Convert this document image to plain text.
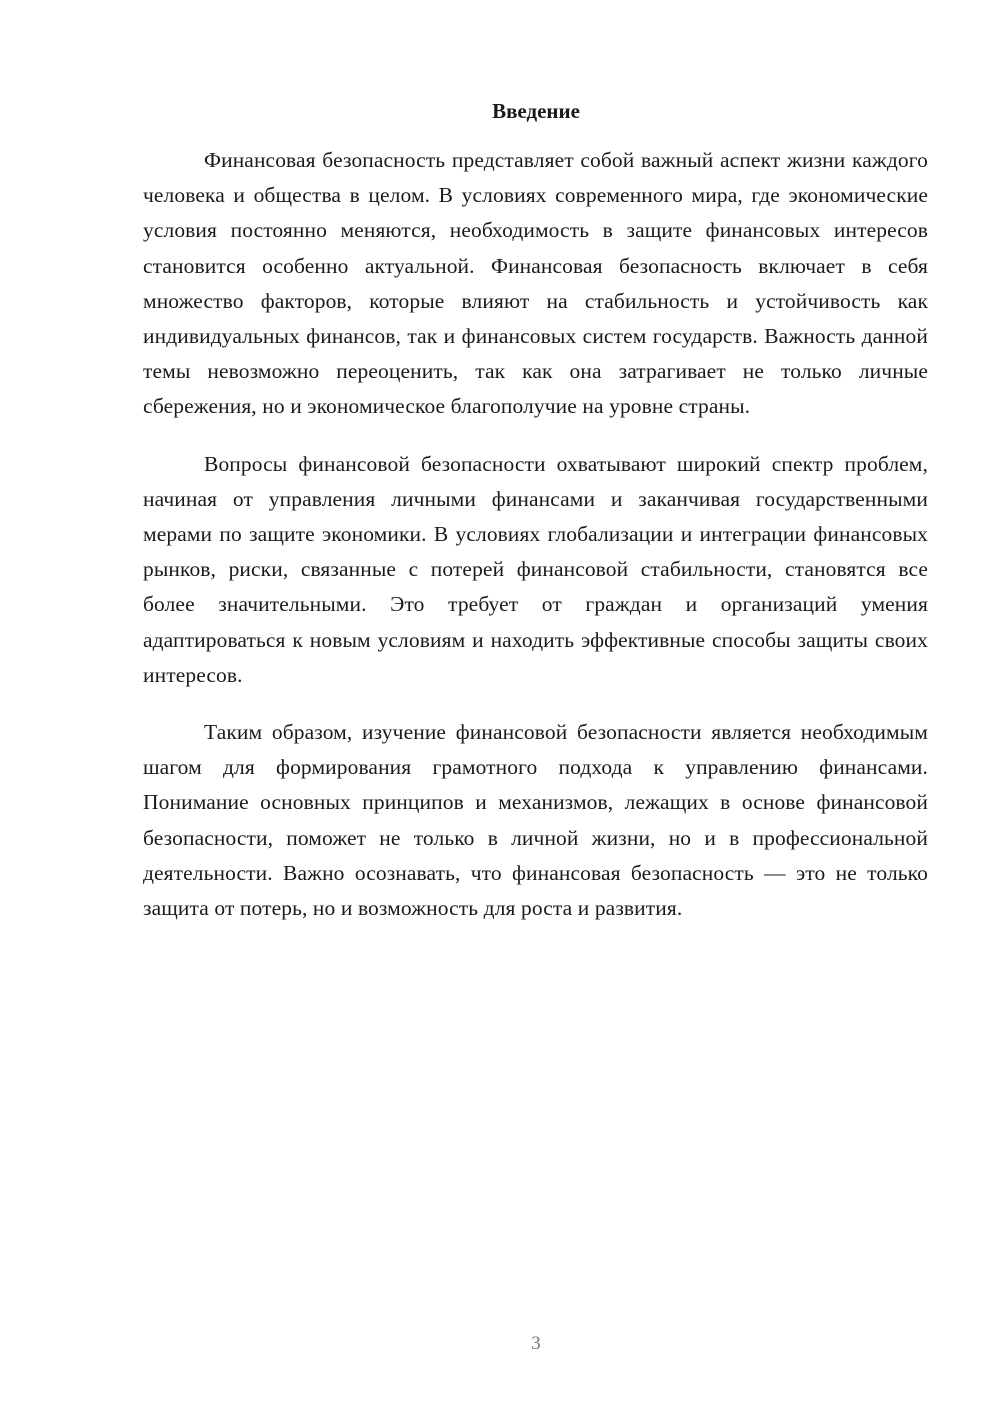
Введение

Финансовая безопасность представляет собой важный аспект жизни каждого человека и общества в целом. В условиях современного мира, где экономические условия постоянно меняются, необходимость в защите финансовых интересов становится особенно актуальной. Финансовая безопасность включает в себя множество факторов, которые влияют на стабильность и устойчивость как индивидуальных финансов, так и финансовых систем государств. Важность данной темы невозможно переоценить, так как она затрагивает не только личные сбережения, но и экономическое благополучие на уровне страны.

Вопросы финансовой безопасности охватывают широкий спектр проблем, начиная от управления личными финансами и заканчивая государственными мерами по защите экономики. В условиях глобализации и интеграции финансовых рынков, риски, связанные с потерей финансовой стабильности, становятся все более значительными. Это требует от граждан и организаций умения адаптироваться к новым условиям и находить эффективные способы защиты своих интересов.

Таким образом, изучение финансовой безопасности является необходимым шагом для формирования грамотного подхода к управлению финансами. Понимание основных принципов и механизмов, лежащих в основе финансовой безопасности, поможет не только в личной жизни, но и в профессиональной деятельности. Важно осознавать, что финансовая безопасность — это не только защита от потерь, но и возможность для роста и развития.

3
